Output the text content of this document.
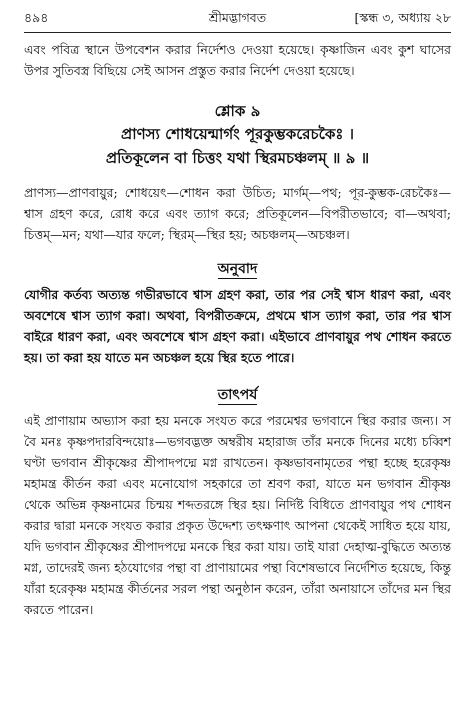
৪৯৪	শ্রীমদ্ভাগবত	[স্কন্ধ ৩, অধ্যায় ২৮

এবং পবিত্র স্থানে উপবেশন করার নির্দেশও দেওয়া হয়েছে। কৃষ্ণাজিন এবং কুশ ঘাসের উপর সুতিবস্ত্র বিছিয়ে সেই আসন প্রস্তুত করার নির্দেশ দেওয়া হয়েছে।

শ্লোক ৯
প্রাণস্য শোধয়েন্মার্গং পূরকুম্ভকরেচকৈঃ ।
প্রতিকূলেন বা চিত্তং যথা স্থিরমচঞ্চলম্ ॥ ৯ ॥

প্রাণস্য—প্রাণবায়ুর; শোধয়েৎ—শোধন করা উচিত; মার্গম্—পথ; পূর-কুম্ভক-রেচকৈঃ—শ্বাস গ্রহণ করে, রোধ করে এবং ত্যাগ করে; প্রতিকূলেন—বিপরীতভাবে; বা—অথবা; চিত্তম্—মন; যথা—যার ফলে; স্থিরম্—স্থির হয়; অচঞ্চলম্—অচঞ্চল।

অনুবাদ

যোগীর কর্তব্য অত্যন্ত গভীরভাবে শ্বাস গ্রহণ করা, তার পর সেই শ্বাস ধারণ করা, এবং অবশেষে শ্বাস ত্যাগ করা। অথবা, বিপরীতক্রমে, প্রথমে শ্বাস ত্যাগ করা, তার পর শ্বাস বাইরে ধারণ করা, এবং অবশেষে শ্বাস গ্রহণ করা। এইভাবে প্রাণবায়ুর পথ শোধন করতে হয়। তা করা হয় যাতে মন অচঞ্চল হয়ে স্থির হতে পারে।

তাৎপর্য

এই প্রাণায়াম অভ্যাস করা হয় মনকে সংযত করে পরমেশ্বর ভগবানে স্থির করার জন্য। স বৈ মনঃ কৃষ্ণপদারবিন্দয়োঃ—ভগবদ্ভক্ত অম্বরীষ মহারাজ তাঁর মনকে দিনের মধ্যে চব্বিশ ঘণ্টা ভগবান শ্রীকৃষ্ণের শ্রীপাদপদ্মে মগ্ন রাখতেন। কৃষ্ণভাবনামৃতের পন্থা হচ্ছে হরেকৃষ্ণ মহামন্ত্র কীর্তন করা এবং মনোযোগ সহকারে তা শ্রবণ করা, যাতে মন ভগবান শ্রীকৃষ্ণ থেকে অভিন্ন কৃষ্ণনামের চিন্ময় শব্দতরঙ্গে স্থির হয়। নির্দিষ্ট বিধিতে প্রাণবায়ুর পথ শোধন করার দ্বারা মনকে সংযত করার প্রকৃত উদ্দেশ্য তৎক্ষণাৎ আপনা থেকেই সাধিত হয়ে যায়, যদি ভগবান শ্রীকৃষ্ণের শ্রীপাদপদ্মে মনকে স্থির করা যায়। তাই যারা দেহাত্ম-বুদ্ধিতে অত্যন্ত মগ্ন, তাদেরই জন্য হঠযোগের পন্থা বা প্রাণায়ামের পন্থা বিশেষভাবে নির্দেশিত হয়েছে, কিন্তু যাঁরা হরেকৃষ্ণ মহামন্ত্র কীর্তনের সরল পন্থা অনুষ্ঠান করেন, তাঁরা অনায়াসে তাঁদের মন স্থির করতে পারেন।
